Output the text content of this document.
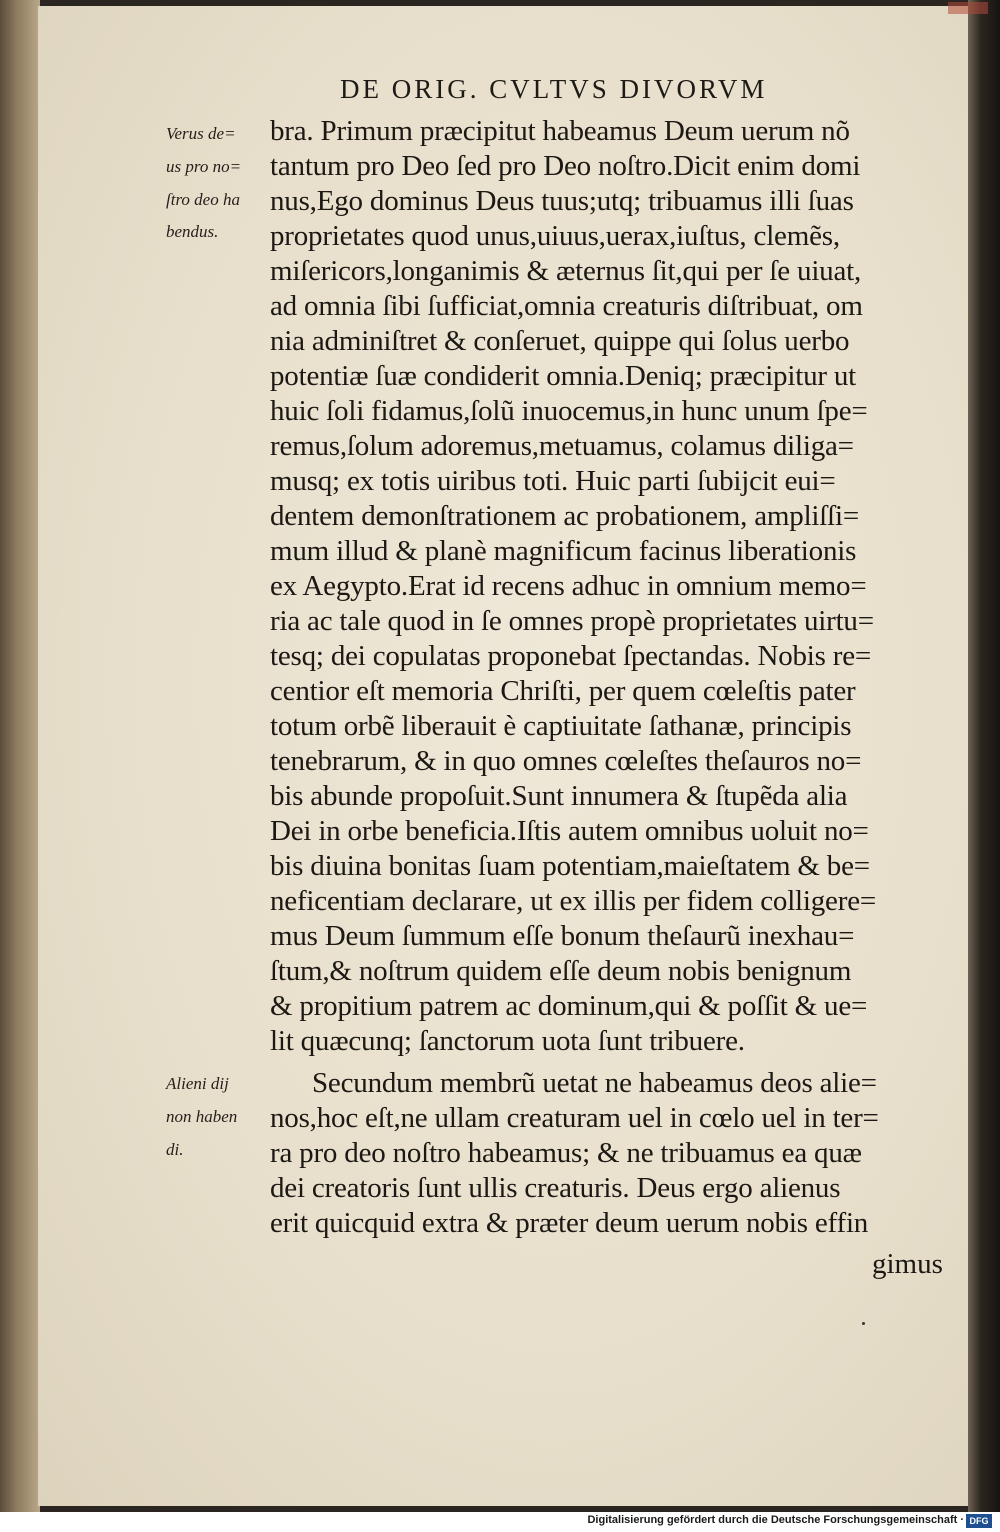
DE ORIG. CVLTVS DIVORVM
bra. Primum præcipitut habeamus Deum uerum nõ
tantum pro Deo ſed pro Deo noſtro.Dicit enim domi
nus,Ego dominus Deus tuus;utq; tribuamus illi ſuas
proprietates quod unus,uiuus,uerax,iuſtus, clemẽs,
miſericors,longanimis & æternus ſit,qui per ſe uiuat,
ad omnia ſibi ſufficiat,omnia creaturis diſtribuat, om
nia adminiſtret & conſeruet, quippe qui ſolus uerbo
potentiæ ſuæ condiderit omnia.Deniq; præcipitur ut
huic ſoli fidamus,ſolũ inuocemus,in hunc unum ſpe=
remus,ſolum adoremus,metuamus, colamus diliga=
musq; ex totis uiribus toti. Huic parti ſubijcit eui=
dentem demonſtrationem ac probationem, ampliſſi=
mum illud & planè magnificum facinus liberationis
ex Aegypto.Erat id recens adhuc in omnium memo=
ria ac tale quod in ſe omnes propè proprietates uirtu=
tesq; dei copulatas proponebat ſpectandas. Nobis re=
centior eſt memoria Chriſti, per quem cœleſtis pater
totum orbẽ liberauit è captiuitate ſathanæ, principis
tenebrarum, & in quo omnes cœleſtes theſauros no=
bis abunde propoſuit.Sunt innumera & ſtupẽda alia
Dei in orbe beneficia.Iſtis autem omnibus uoluit no=
bis diuina bonitas ſuam potentiam,maieſtatem & be=
neficentiam declarare, ut ex illis per fidem colligere=
mus Deum ſummum eſſe bonum theſaurũ inexhau=
ſtum,& noſtrum quidem eſſe deum nobis benignum
& propitium patrem ac dominum,qui & poſſit & ue=
lit quæcunq; ſanctorum uota ſunt tribuere.
Secundum membrũ uetat ne habeamus deos alie=
nos,hoc eſt,ne ullam creaturam uel in cœlo uel in ter=
ra pro deo noſtro habeamus; & ne tribuamus ea quæ
dei creatoris ſunt ullis creaturis. Deus ergo alienus
erit quicquid extra & præter deum uerum nobis effin
gimus
Verus de=
us pro no=
ſtro deo ha
bendus.
Alieni dij
non haben
di.
Digitalisierung gefördert durch die Deutsche Forschungsgemeinschaft · DFG
